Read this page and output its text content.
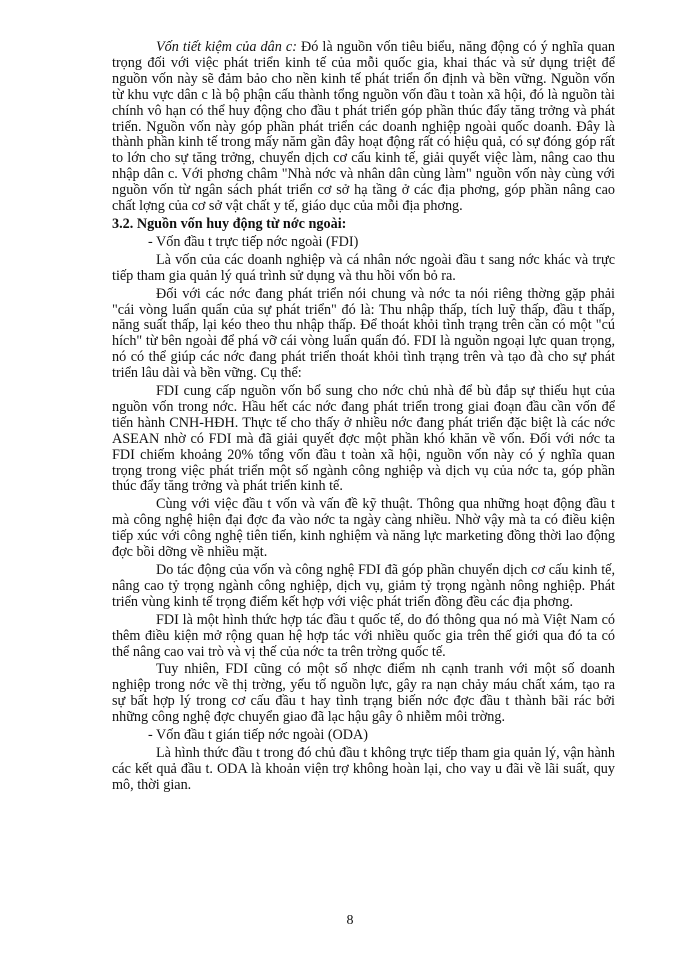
Vốn tiết kiệm của dân c: Đó là nguồn vốn tiêu biểu, năng động có ý nghĩa quan trọng đối với việc phát triển kinh tế của mỗi quốc gia, khai thác và sử dụng triệt để nguồn vốn này sẽ đảm bảo cho nền kinh tế phát triển ổn định và bền vững. Nguồn vốn từ khu vực dân c là bộ phận cấu thành tổng nguồn vốn đầu t toàn xã hội, đó là nguồn tài chính vô hạn có thể huy động cho đầu t phát triển góp phần thúc đẩy tăng trởng và phát triển. Nguồn vốn này góp phần phát triển các doanh nghiệp ngoài quốc doanh. Đây là thành phần kinh tế trong mấy năm gần đây hoạt động rất có hiệu quả, có sự đóng góp rất to lớn cho sự tăng trởng, chuyển dịch cơ cấu kinh tế, giải quyết việc làm, nâng cao thu nhập dân c. Với phơng châm "Nhà nớc và nhân dân cùng làm" nguồn vốn này cùng với nguồn vốn từ ngân sách phát triển cơ sở hạ tầng ở các địa phơng, góp phần nâng cao chất lợng của cơ sở vật chất y tế, giáo dục của mỗi địa phơng.

3.2. Nguồn vốn huy động từ nớc ngoài:

- Vốn đầu t trực tiếp nớc ngoài (FDI)

Là vốn của các doanh nghiệp và cá nhân nớc ngoài đầu t sang nớc khác và trực tiếp tham gia quản lý quá trình sử dụng và thu hồi vốn bỏ ra.

Đối với các nớc đang phát triển nói chung và nớc ta nói riêng thờng gặp phải "cái vòng luẩn quẩn của sự phát triển" đó là: Thu nhập thấp, tích luỹ thấp, đầu t thấp, năng suất thấp, lại kéo theo thu nhập thấp. Để thoát khỏi tình trạng trên cần có một "cú hích" từ bên ngoài để phá vỡ cái vòng luẩn quẩn đó. FDI là nguồn ngoại lực quan trọng, nó có thể giúp các nớc đang phát triển thoát khỏi tình trạng trên và tạo đà cho sự phát triển lâu dài và bền vững. Cụ thể:

FDI cung cấp nguồn vốn bổ sung cho nớc chủ nhà để bù đắp sự thiếu hụt của nguồn vốn trong nớc. Hầu hết các nớc đang phát triển trong giai đoạn đầu cần vốn để tiến hành CNH-HĐH. Thực tế cho thấy ở nhiều nớc đang phát triển đặc biệt là các nớc ASEAN nhờ có FDI mà đã giải quyết đợc một phần khó khăn về vốn. Đối với nớc ta FDI chiếm khoảng 20% tổng vốn đầu t toàn xã hội, nguồn vốn này có ý nghĩa quan trọng trong việc phát triển một số ngành công nghiệp và dịch vụ của nớc ta, góp phần thúc đẩy tăng trởng và phát triển kinh tế.

Cùng với việc đầu t vốn và vấn đề kỹ thuật. Thông qua những hoạt động đầu t mà công nghệ hiện đại đợc đa vào nớc ta ngày càng nhiều. Nhờ vậy mà ta có điều kiện tiếp xúc với công nghệ tiên tiến, kinh nghiệm và năng lực marketing đồng thời lao động đợc bồi dỡng về nhiều mặt.

Do tác động của vốn và công nghệ FDI đã góp phần chuyển dịch cơ cấu kinh tế, nâng cao tỷ trọng ngành công nghiệp, dịch vụ, giảm tỷ trọng ngành nông nghiệp. Phát triển vùng kinh tế trọng điểm kết hợp với việc phát triển đồng đều các địa phơng.

FDI là một hình thức hợp tác đầu t quốc tế, do đó thông qua nó mà Việt Nam có thêm điều kiện mở rộng quan hệ hợp tác với nhiều quốc gia trên thế giới qua đó ta có thể nâng cao vai trò và vị thế của nớc ta trên trờng quốc tế.

Tuy nhiên, FDI cũng có một số nhợc điểm nh cạnh tranh với một số doanh nghiệp trong nớc về thị trờng, yếu tố nguồn lực, gây ra nạn chảy máu chất xám, tạo ra sự bất hợp lý trong cơ cấu đầu t hay tình trạng biến nớc đợc đầu t thành bãi rác bởi những công nghệ đợc chuyển giao đã lạc hậu gây ô nhiễm môi trờng.

- Vốn đầu t gián tiếp nớc ngoài (ODA)

Là hình thức đầu t trong đó chủ đầu t không trực tiếp tham gia quản lý, vận hành các kết quả đầu t. ODA là khoản viện trợ không hoàn lại, cho vay u đãi về lãi suất, quy mô, thời gian.

8
